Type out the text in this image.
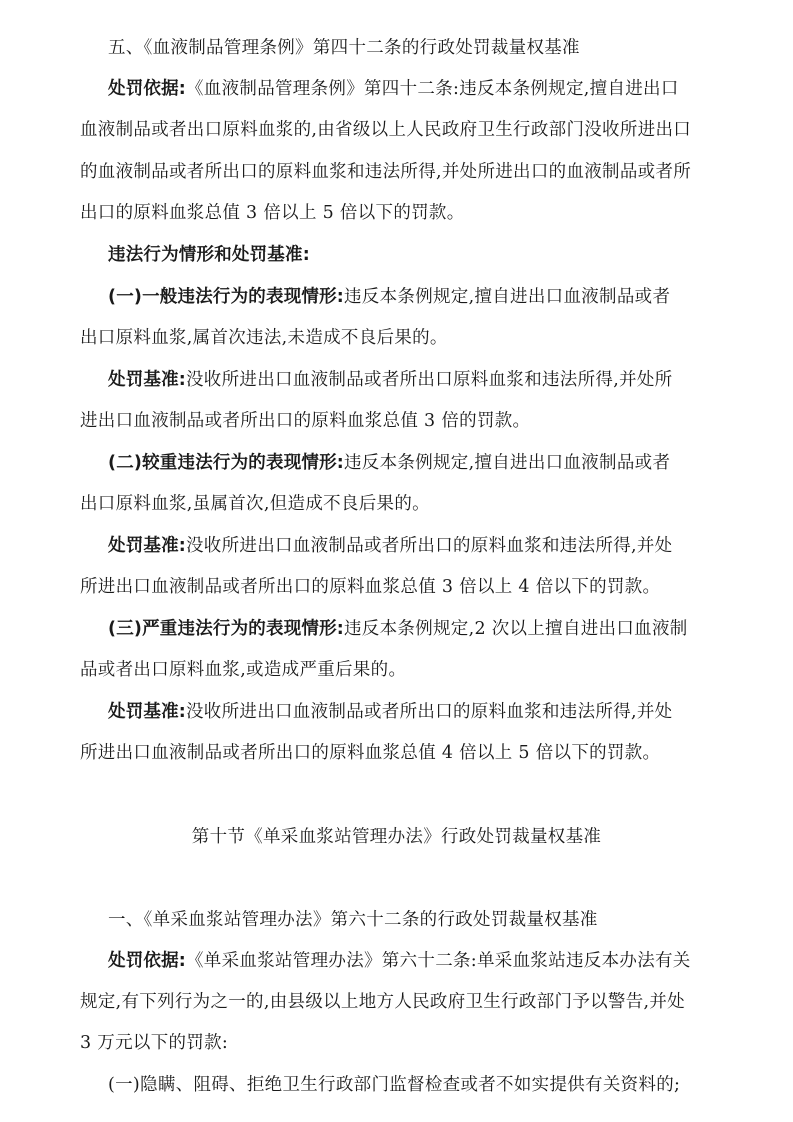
五、《血液制品管理条例》第四十二条的行政处罚裁量权基准
处罚依据:《血液制品管理条例》第四十二条:违反本条例规定,擅自进出口
血液制品或者出口原料血浆的,由省级以上人民政府卫生行政部门没收所进出口
的血液制品或者所出口的原料血浆和违法所得,并处所进出口的血液制品或者所
出口的原料血浆总值 3 倍以上 5 倍以下的罚款。
违法行为情形和处罚基准:
(一)一般违法行为的表现情形:违反本条例规定,擅自进出口血液制品或者
出口原料血浆,属首次违法,未造成不良后果的。
处罚基准:没收所进出口血液制品或者所出口原料血浆和违法所得,并处所
进出口血液制品或者所出口的原料血浆总值 3 倍的罚款。
(二)较重违法行为的表现情形:违反本条例规定,擅自进出口血液制品或者
出口原料血浆,虽属首次,但造成不良后果的。
处罚基准:没收所进出口血液制品或者所出口的原料血浆和违法所得,并处
所进出口血液制品或者所出口的原料血浆总值 3 倍以上 4 倍以下的罚款。
(三)严重违法行为的表现情形:违反本条例规定,2 次以上擅自进出口血液制
品或者出口原料血浆,或造成严重后果的。
处罚基准:没收所进出口血液制品或者所出口的原料血浆和违法所得,并处
所进出口血液制品或者所出口的原料血浆总值 4 倍以上 5 倍以下的罚款。
第十节《单采血浆站管理办法》行政处罚裁量权基准
一、《单采血浆站管理办法》第六十二条的行政处罚裁量权基准
处罚依据:《单采血浆站管理办法》第六十二条:单采血浆站违反本办法有关
规定,有下列行为之一的,由县级以上地方人民政府卫生行政部门予以警告,并处
3 万元以下的罚款:
(一)隐瞒、阻碍、拒绝卫生行政部门监督检查或者不如实提供有关资料的;
